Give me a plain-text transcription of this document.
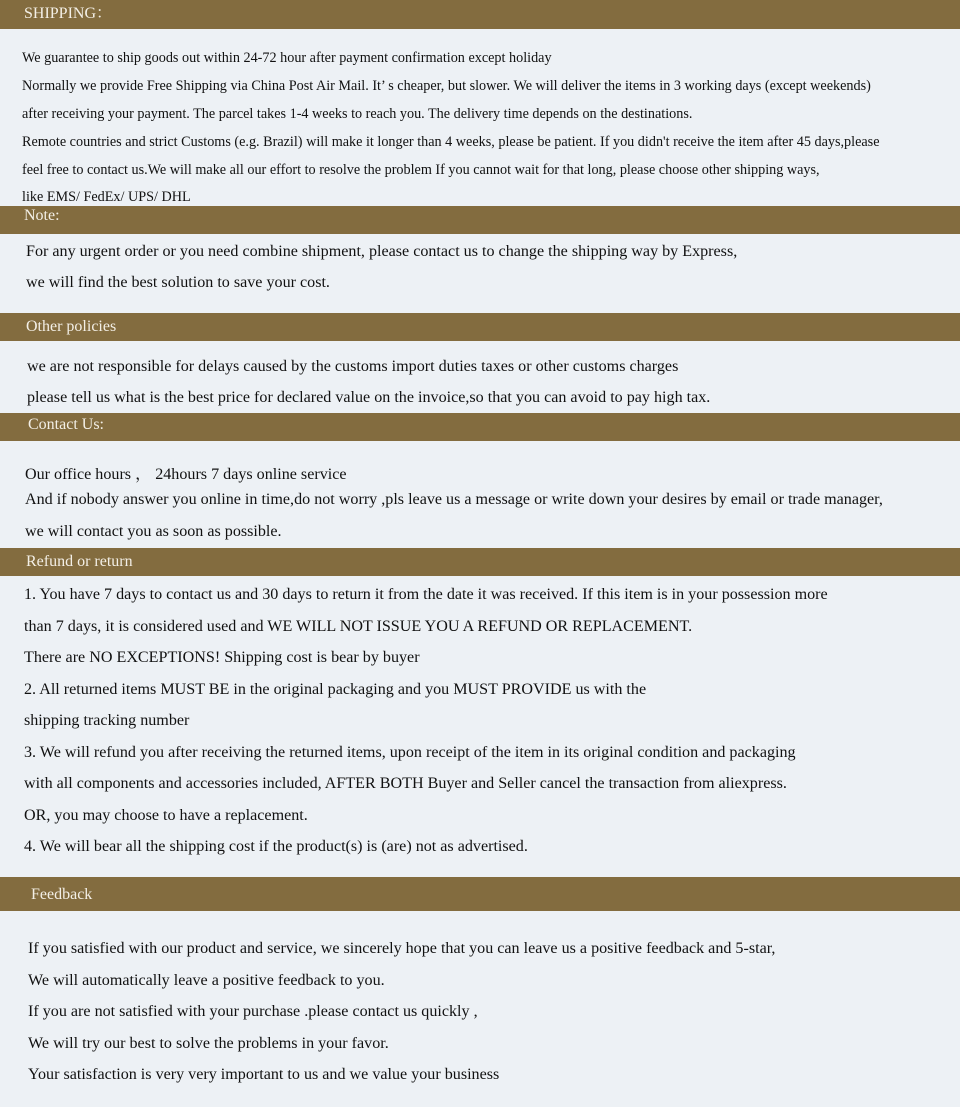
SHIPPING：

We guarantee to ship goods out within 24-72 hour after payment confirmation except holiday

Normally we provide Free Shipping via China Post Air Mail. It’ s cheaper, but slower. We will deliver the items in 3 working days (except weekends)

after receiving your payment. The parcel takes 1-4 weeks to reach you. The delivery time depends on the destinations.

Remote countries and strict Customs (e.g. Brazil) will make it longer than 4 weeks, please be patient. If you didn't receive the item after 45 days,please

feel free to contact us.We will make all our effort to resolve the problem If you cannot wait for that long, please choose other shipping ways,

like EMS/ FedEx/ UPS/ DHL

Note:

For any urgent order or you need combine shipment, please contact us to change the shipping way by Express,

we will find the best solution to save your cost.

Other policies

we are not responsible for delays caused by the customs import duties taxes or other customs charges

please tell us what is the best price for declared value on the invoice,so that you can avoid to pay high tax.

Contact Us:

Our office hours ， 24hours 7 days online service

And if nobody answer you online in time,do not worry ,pls leave us a message or write down your desires by email or trade manager,

we will contact you as soon as possible.

Refund or return

1. You have 7 days to contact us and 30 days to return it from the date it was received. If this item is in your possession more

than 7 days, it is considered used and WE WILL NOT ISSUE YOU A REFUND OR REPLACEMENT.

There are NO EXCEPTIONS! Shipping cost is bear by buyer

2. All returned items MUST BE in the original packaging and you MUST PROVIDE us with the

shipping tracking number

3. We will refund you after receiving the returned items, upon receipt of the item in its original condition and packaging

with all components and accessories included, AFTER BOTH Buyer and Seller cancel the transaction from aliexpress.

OR, you may choose to have a replacement.

4. We will bear all the shipping cost if the product(s) is (are) not as advertised.

Feedback

If you satisfied with our product and service, we sincerely hope that you can leave us a positive feedback and 5-star,

We will automatically leave a positive feedback to you.

If you are not satisfied with your purchase .please contact us quickly ,

We will try our best to solve the problems in your favor.

Your satisfaction is very very important to us and we value your business
